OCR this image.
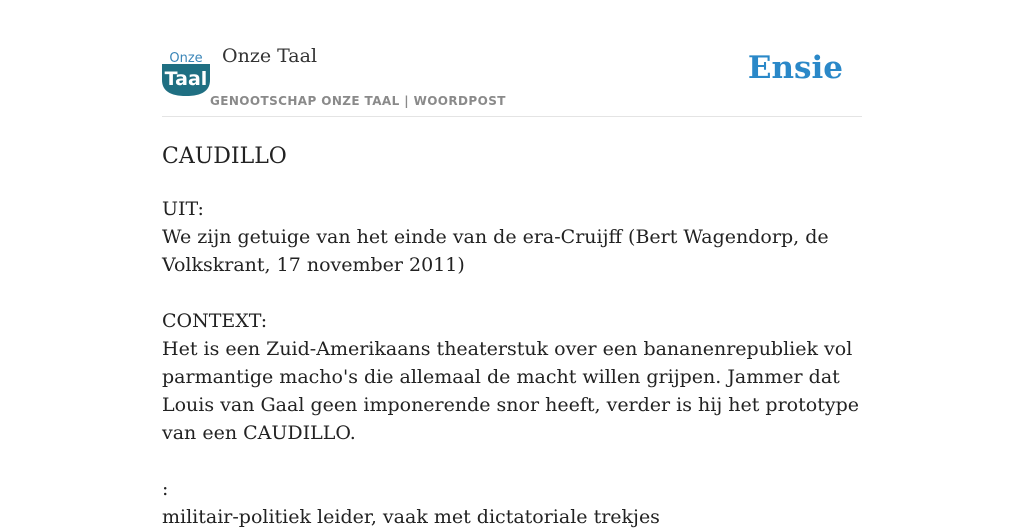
Onze
Taal
Onze Taal
GENOOTSCHAP ONZE TAAL | WOORDPOST
Ensie
CAUDILLO
UIT:
We zijn getuige van het einde van de era-Cruijff (Bert Wagendorp, de Volkskrant, 17 november 2011)
CONTEXT:
Het is een Zuid-Amerikaans theaterstuk over een bananenrepubliek vol parmantige macho's die allemaal de macht willen grijpen. Jammer dat Louis van Gaal geen imponerende snor heeft, verder is hij het prototype van een CAUDILLO.
:
militair-politiek leider, vaak met dictatoriale trekjes
